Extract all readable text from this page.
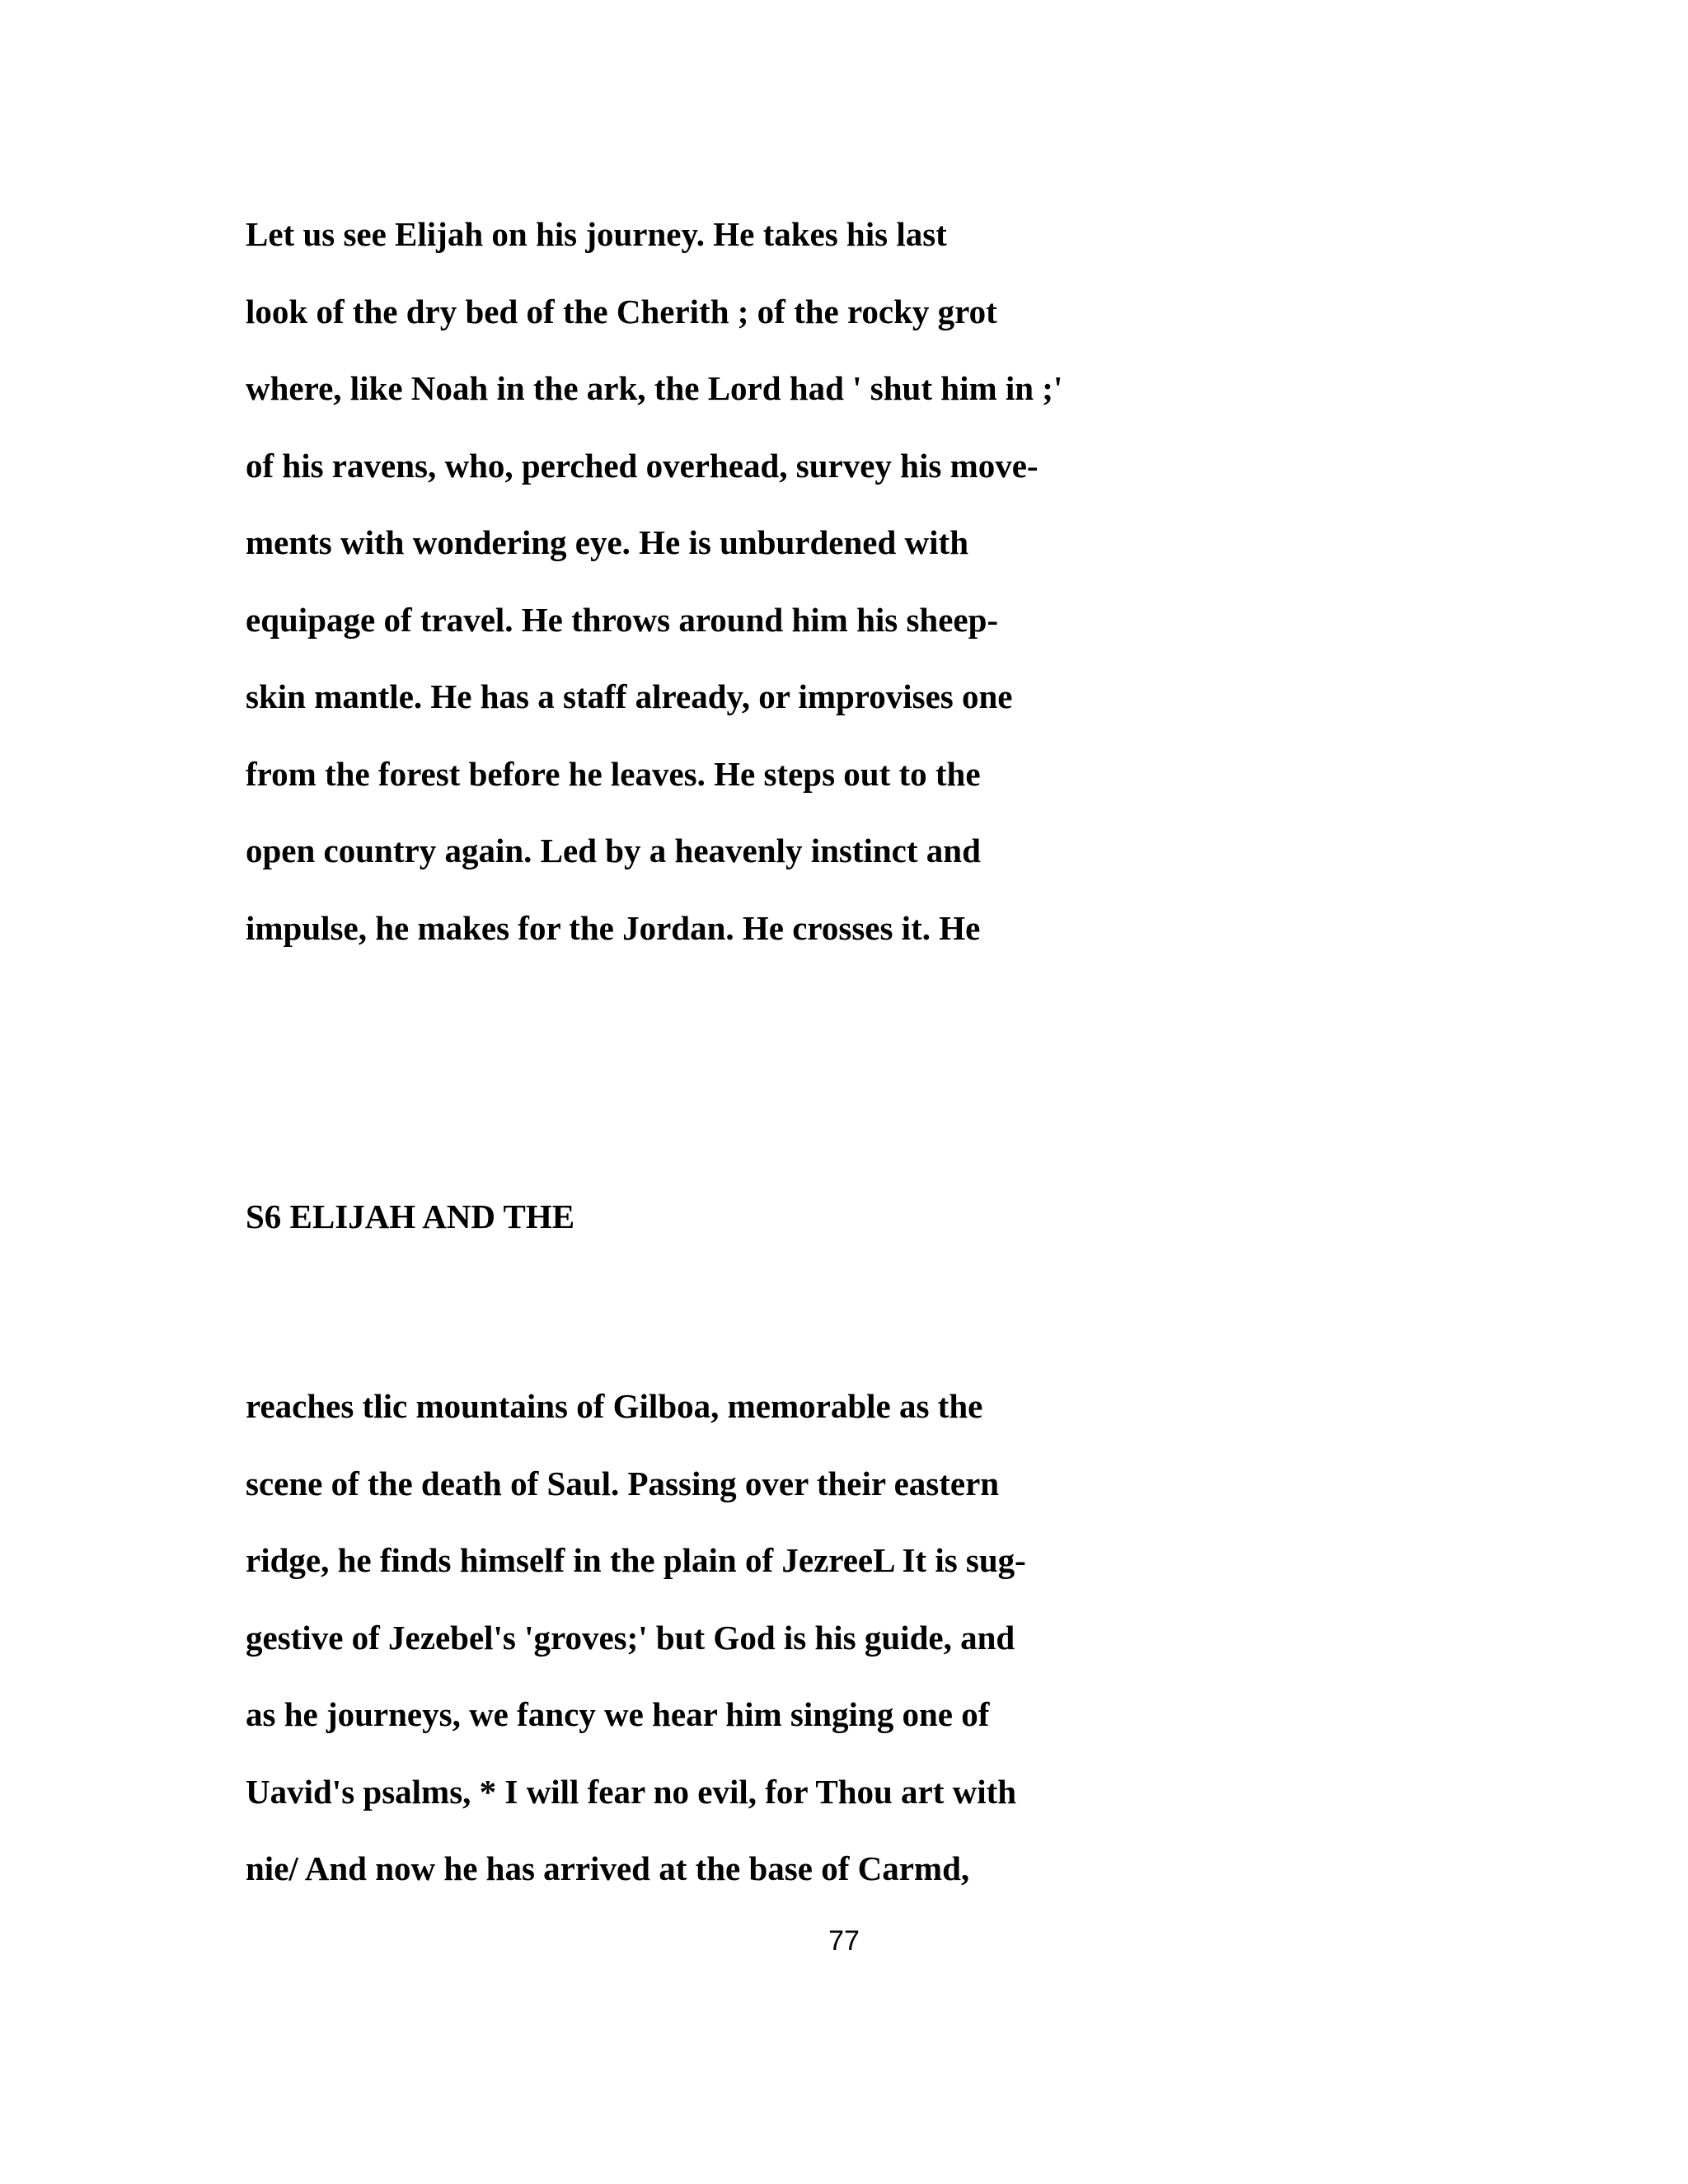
Let us see Elijah on his journey. He takes his last
look of the dry bed of the Cherith ; of the rocky grot
where, like Noah in the ark, the Lord had ' shut him in ;'
of his ravens, who, perched overhead, survey his move-
ments with wondering eye. He is unburdened with
equipage of travel. He throws around him his sheep-
skin mantle. He has a staff already, or improvises one
from the forest before he leaves. He steps out to the
open country again. Led by a heavenly instinct and
impulse, he makes for the Jordan. He crosses it. He
S6 ELIJAH AND THE
reaches tlic mountains of Gilboa, memorable as the
scene of the death of Saul. Passing over their eastern
ridge, he finds himself in the plain of JezreeL It is sug-
gestive of Jezebel's 'groves;' but God is his guide, and
as he journeys, we fancy we hear him singing one of
Uavid's psalms, * I will fear no evil, for Thou art with
nie/ And now he has arrived at the base of Carmd,
77
